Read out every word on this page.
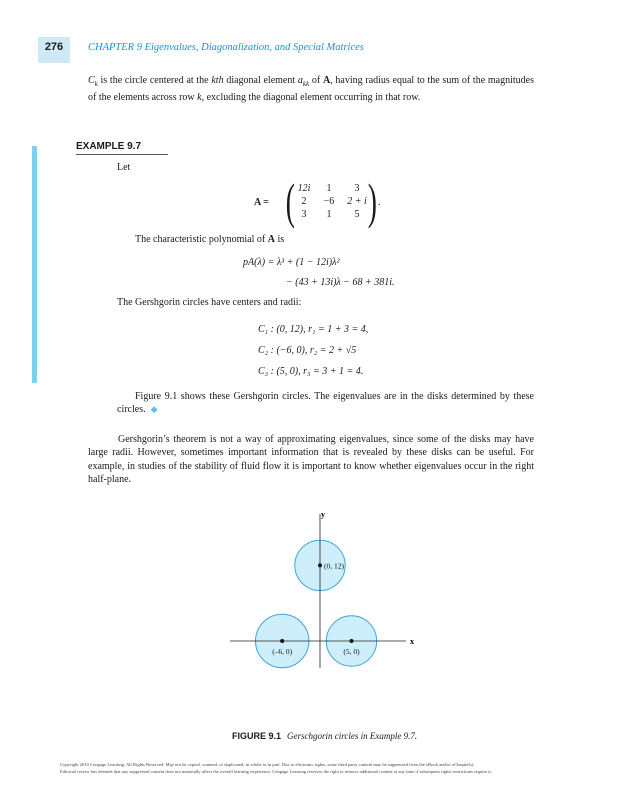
276	CHAPTER 9 Eigenvalues, Diagonalization, and Special Matrices
$C_k$ is the circle centered at the kth diagonal element $a_{kk}$ of A, having radius equal to the sum of the magnitudes of the elements across row k, excluding the diagonal element occurring in that row.
EXAMPLE 9.7
Let
A = ( 12i	1	3
2	−6	2 + i
3	1	5 ) .
The characteristic polynomial of A is
pA(λ) = λ³ + (1 − 12i)λ²
− (43 + 13i)λ − 68 + 381i.
The Gershgorin circles have centers and radii:
C₁ : (0, 12), r₁ = 1 + 3 = 4,
C₂ : (−6, 0), r₂ = 2 + √5
C₃ : (5, 0), r₃ = 3 + 1 = 4.
Figure 9.1 shows these Gershgorin circles. The eigenvalues are in the disks determined by these circles. ◆
Gershgorin’s theorem is not a way of approximating eigenvalues, since some of the disks may have large radii. However, sometimes important information that is revealed by these disks can be useful. For example, in studies of the stability of fluid flow it is important to know whether eigenvalues occur in the right half-plane.
x
y
(0, 12)
(–6, 0)	(5, 0)
FIGURE 9.1 Gerschgorin circles in Example 9.7.
Copyright 2010 Cengage Learning. All Rights Reserved. May not be copied, scanned, or duplicated, in whole or in part. Due to electronic rights, some third party content may be suppressed from the eBook and/or eChapter(s).
Editorial review has deemed that any suppressed content does not materially affect the overall learning experience. Cengage Learning reserves the right to remove additional content at any time if subsequent rights restrictions require it.
